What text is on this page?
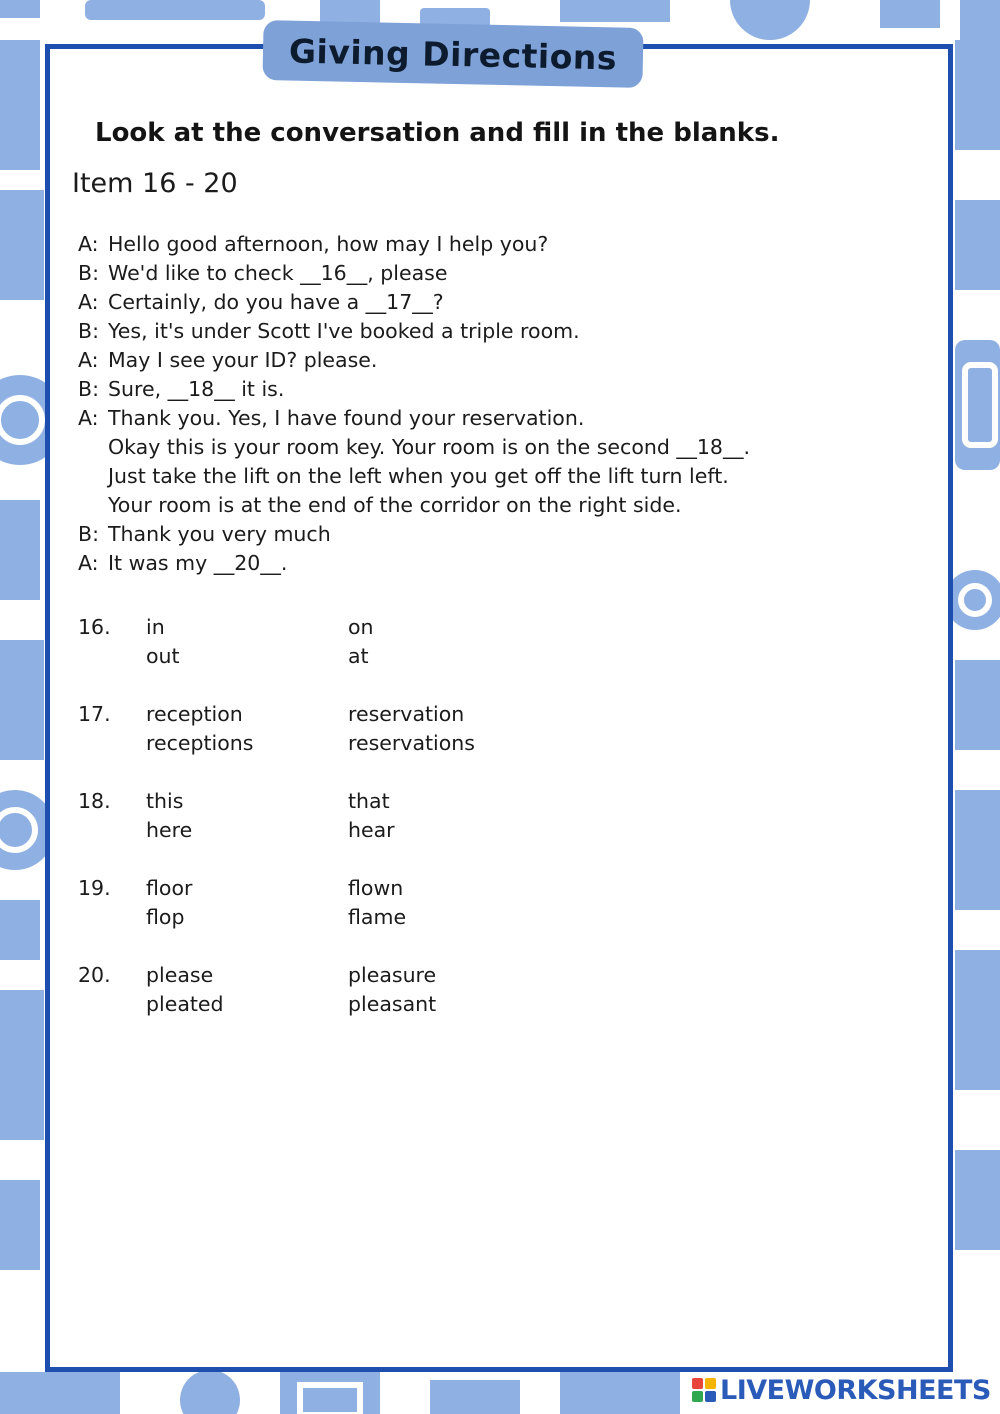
Giving Directions
Look at the conversation and fill in the blanks.
Item 16 - 20
A: Hello good afternoon, how may I help you?
B: We'd like to check __16__, please
A: Certainly, do you have a __17__?
B: Yes, it's under Scott I've booked a triple room.
A: May I see your ID? please.
B: Sure, __18__ it is.
A: Thank you. Yes, I have found your reservation.
Okay this is your room key. Your room is on the second __18__.
Just take the lift on the left when you get off the lift turn left.
Your room is at the end of the corridor on the right side.
B: Thank you very much
A: It was my __20__.
16.	in	on
out	at
17.	reception	reservation
receptions	reservations
18.	this	that
here	hear
19.	floor	flown
flop	flame
20.	please	pleasure
pleated	pleasant
LIVEWORKSHEETS
